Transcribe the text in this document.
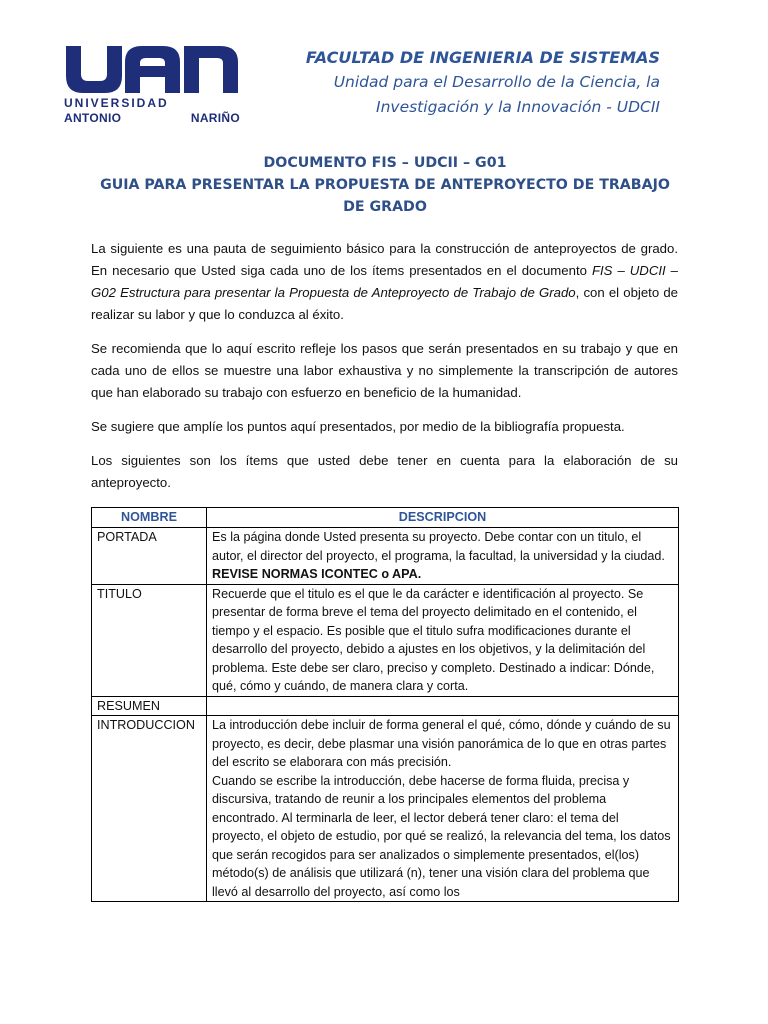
UNIVERSIDAD
ANTONIO NARIÑO
FACULTAD DE INGENIERIA DE SISTEMAS
Unidad para el Desarrollo de la Ciencia, la
Investigación y la Innovación - UDCII
DOCUMENTO FIS – UDCII – G01
GUIA PARA PRESENTAR LA PROPUESTA DE ANTEPROYECTO DE TRABAJO DE GRADO

La siguiente es una pauta de seguimiento básico para la construcción de anteproyectos de grado. En necesario que Usted siga cada uno de los ítems presentados en el documento FIS – UDCII – G02 Estructura para presentar la Propuesta de Anteproyecto de Trabajo de Grado, con el objeto de realizar su labor y que lo conduzca al éxito.

Se recomienda que lo aquí escrito refleje los pasos que serán presentados en su trabajo y que en cada uno de ellos se muestre una labor exhaustiva y no simplemente la transcripción de autores que han elaborado su trabajo con esfuerzo en beneficio de la humanidad.

Se sugiere que amplíe los puntos aquí presentados, por medio de la bibliografía propuesta.

Los siguientes son los ítems que usted debe tener en cuenta para la elaboración de su anteproyecto.

NOMBRE	DESCRIPCION
PORTADA	Es la página donde Usted presenta su proyecto. Debe contar con un titulo, el autor, el director del proyecto, el programa, la facultad, la universidad y la ciudad. REVISE NORMAS ICONTEC o APA.
TITULO	Recuerde que el titulo es el que le da carácter e identificación al proyecto. Se presentar de forma breve el tema del proyecto delimitado en el contenido, el tiempo y el espacio. Es posible que el titulo sufra modificaciones durante el desarrollo del proyecto, debido a ajustes en los objetivos, y la delimitación del problema. Este debe ser claro, preciso y completo. Destinado a indicar: Dónde, qué, cómo y cuándo, de manera clara y corta.
RESUMEN	
INTRODUCCION	La introducción debe incluir de forma general el qué, cómo, dónde y cuándo de su proyecto, es decir, debe plasmar una visión panorámica de lo que en otras partes del escrito se elaborara con más precisión.
Cuando se escribe la introducción, debe hacerse de forma fluida, precisa y discursiva, tratando de reunir a los principales elementos del problema encontrado. Al terminarla de leer, el lector deberá tener claro: el tema del proyecto, el objeto de estudio, por qué se realizó, la relevancia del tema, los datos que serán recogidos para ser analizados o simplemente presentados, el(los) método(s) de análisis que utilizará (n), tener una visión clara del problema que llevó al desarrollo del proyecto, así como los
